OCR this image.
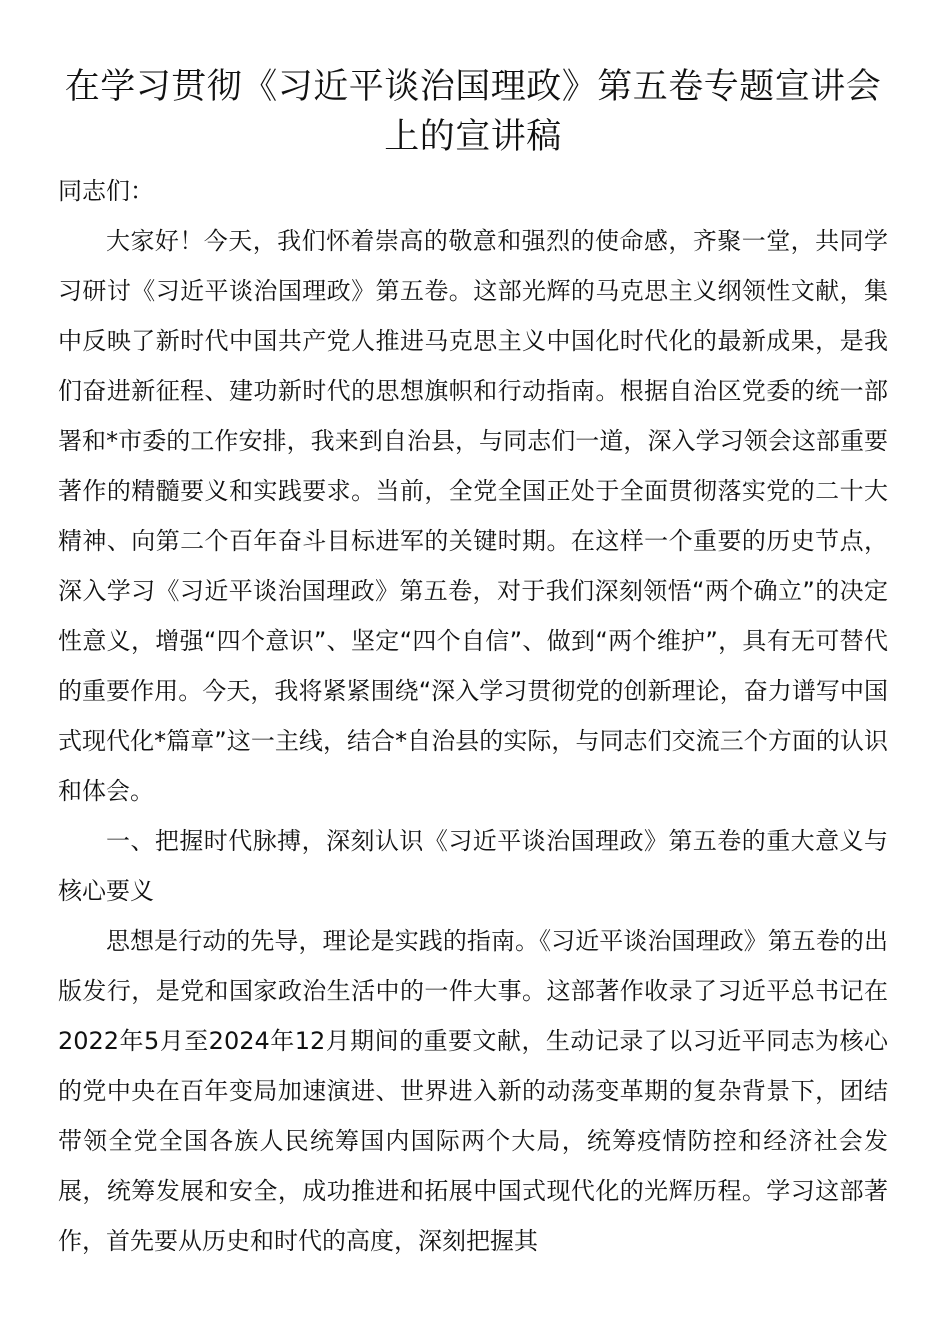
在学习贯彻《习近平谈治国理政》第五卷专题宣讲会上的宣讲稿

同志们：

大家好！今天，我们怀着崇高的敬意和强烈的使命感，齐聚一堂，共同学习研讨《习近平谈治国理政》第五卷。这部光辉的马克思主义纲领性文献，集中反映了新时代中国共产党人推进马克思主义中国化时代化的最新成果，是我们奋进新征程、建功新时代的思想旗帜和行动指南。根据自治区党委的统一部署和*市委的工作安排，我来到自治县，与同志们一道，深入学习领会这部重要著作的精髓要义和实践要求。当前，全党全国正处于全面贯彻落实党的二十大精神、向第二个百年奋斗目标进军的关键时期。在这样一个重要的历史节点，深入学习《习近平谈治国理政》第五卷，对于我们深刻领悟“两个确立”的决定性意义，增强“四个意识”、坚定“四个自信”、做到“两个维护”，具有无可替代的重要作用。今天，我将紧紧围绕“深入学习贯彻党的创新理论，奋力谱写中国式现代化*篇章”这一主线，结合*自治县的实际，与同志们交流三个方面的认识和体会。

一、把握时代脉搏，深刻认识《习近平谈治国理政》第五卷的重大意义与核心要义

思想是行动的先导，理论是实践的指南。《习近平谈治国理政》第五卷的出版发行，是党和国家政治生活中的一件大事。这部著作收录了习近平总书记在2022年5月至2024年12月期间的重要文献，生动记录了以习近平同志为核心的党中央在百年变局加速演进、世界进入新的动荡变革期的复杂背景下，团结带领全党全国各族人民统筹国内国际两个大局，统筹疫情防控和经济社会发展，统筹发展和安全，成功推进和拓展中国式现代化的光辉历程。学习这部著作，首先要从历史和时代的高度，深刻把握其
